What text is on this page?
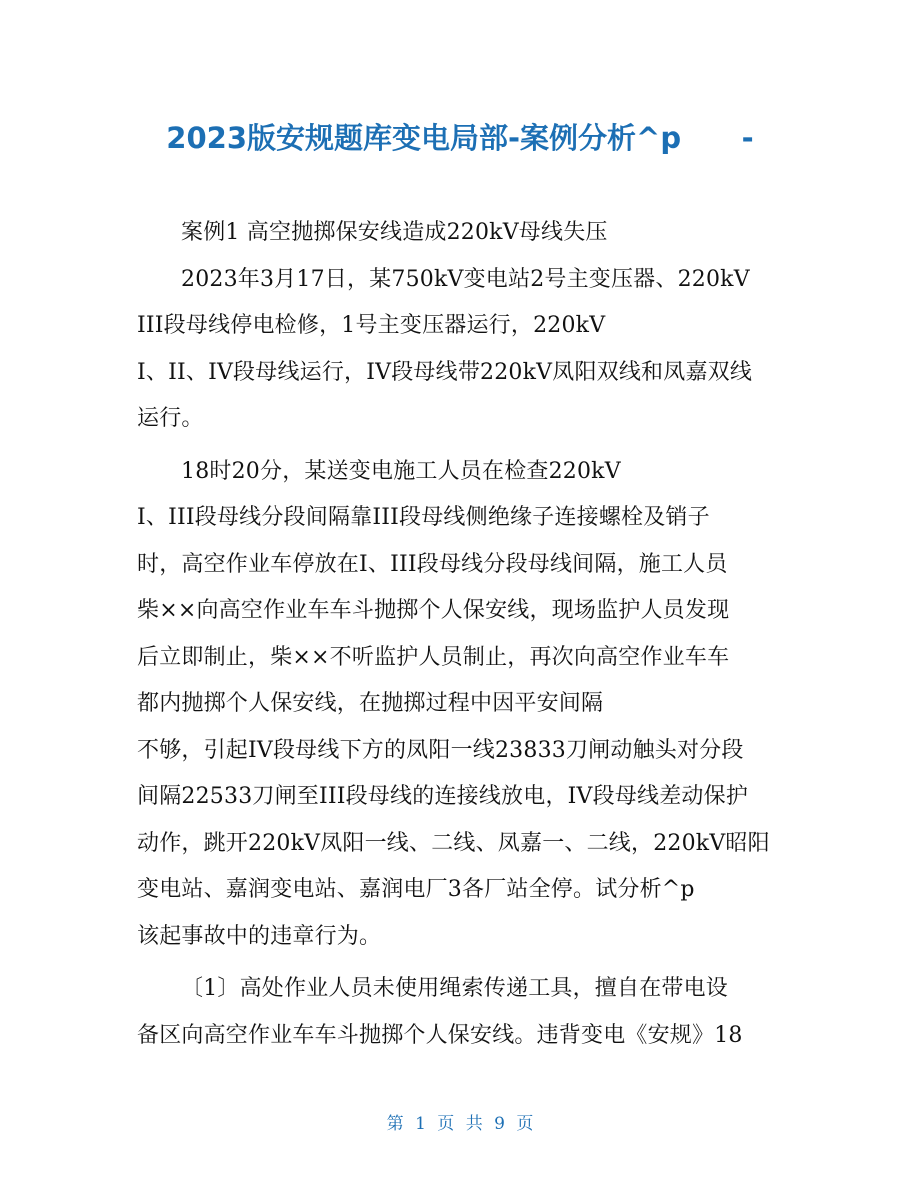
2023版安规题库变电局部-案例分析^p      -
案例1 高空抛掷保安线造成220kV母线失压
2023年3月17日，某750kV变电站2号主变压器、220kV
III段母线停电检修，1号主变压器运行，220kV
I、II、IV段母线运行，IV段母线带220kV凤阳双线和凤嘉双线
运行。
18时20分，某送变电施工人员在检查220kV
I、III段母线分段间隔靠III段母线侧绝缘子连接螺栓及销子
时，高空作业车停放在I、III段母线分段母线间隔，施工人员
柴××向高空作业车车斗抛掷个人保安线，现场监护人员发现
后立即制止，柴××不听监护人员制止，再次向高空作业车车
都内抛掷个人保安线，在抛掷过程中因平安间隔
不够，引起IV段母线下方的凤阳一线23833刀闸动触头对分段
间隔22533刀闸至III段母线的连接线放电，IV段母线差动保护
动作，跳开220kV凤阳一线、二线、凤嘉一、二线，220kV昭阳
变电站、嘉润变电站、嘉润电厂3各厂站全停。试分析^p
该起事故中的违章行为。
〔1〕高处作业人员未使用绳索传递工具，擅自在带电设
备区向高空作业车车斗抛掷个人保安线。违背变电《安规》18
第 1 页 共 9 页
